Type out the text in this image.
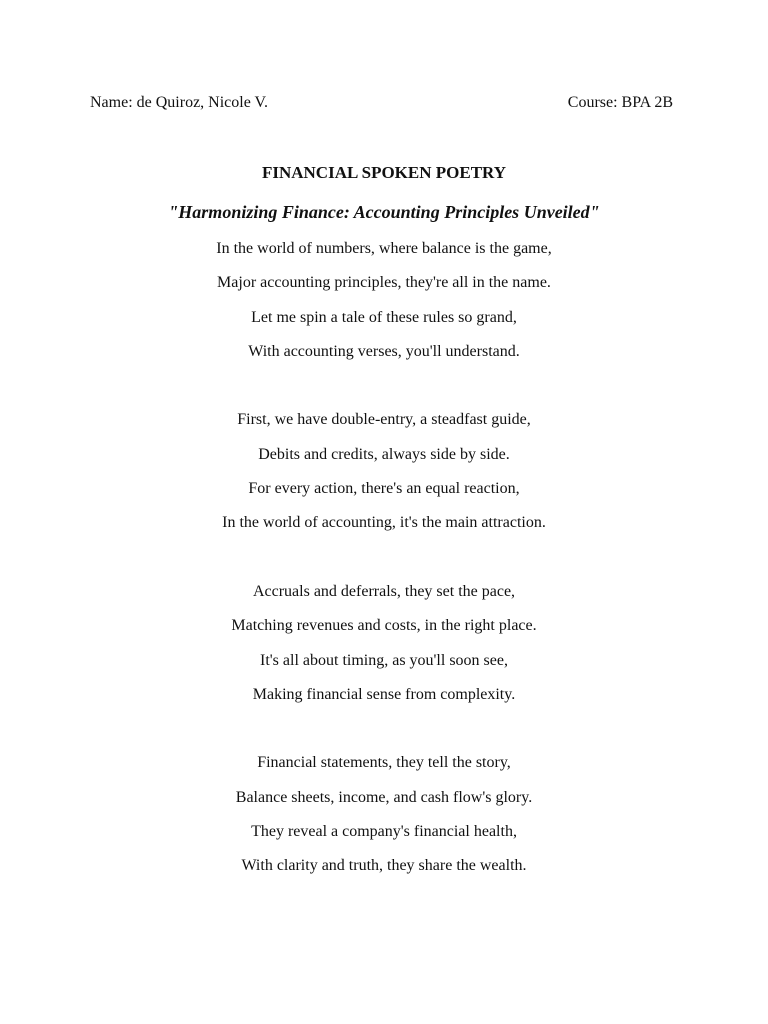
Name: de Quiroz, Nicole V.	Course: BPA 2B
FINANCIAL SPOKEN POETRY
"Harmonizing Finance: Accounting Principles Unveiled"
In the world of numbers, where balance is the game,
Major accounting principles, they're all in the name.
Let me spin a tale of these rules so grand,
With accounting verses, you'll understand.
First, we have double-entry, a steadfast guide,
Debits and credits, always side by side.
For every action, there's an equal reaction,
In the world of accounting, it's the main attraction.
Accruals and deferrals, they set the pace,
Matching revenues and costs, in the right place.
It's all about timing, as you'll soon see,
Making financial sense from complexity.
Financial statements, they tell the story,
Balance sheets, income, and cash flow's glory.
They reveal a company's financial health,
With clarity and truth, they share the wealth.
